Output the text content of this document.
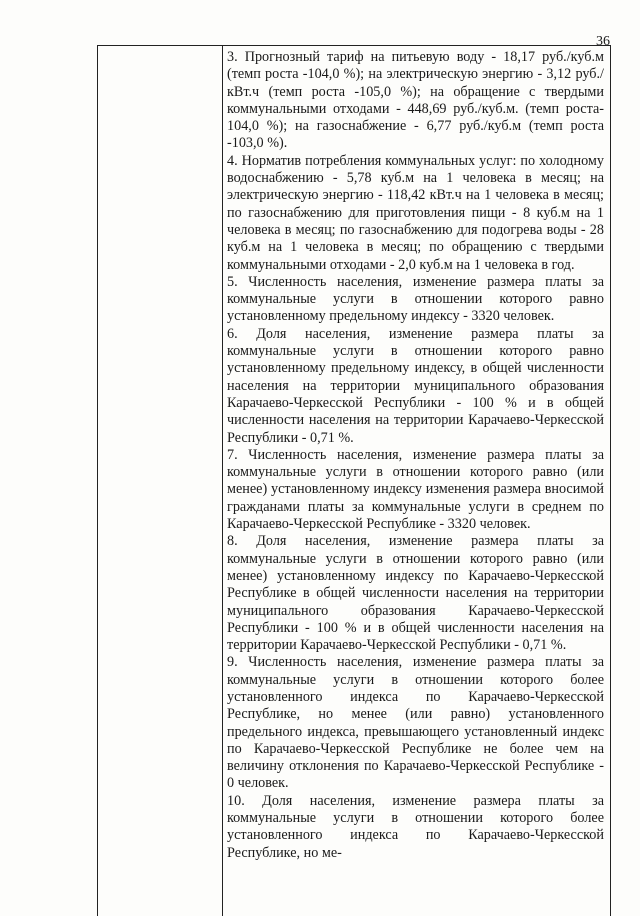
36

3. Прогнозный тариф на питьевую воду - 18,17 руб./куб.м (темп роста -104,0 %); на электрическую энергию - 3,12 руб./кВт.ч (темп роста -105,0 %); на обращение с твердыми коммунальными отходами - 448,69 руб./куб.м. (темп роста- 104,0 %); на газоснабжение - 6,77 руб./куб.м (темп роста -103,0 %).

4. Норматив потребления коммунальных услуг: по холодному водоснабжению - 5,78 куб.м на 1 человека в месяц; на электрическую энергию - 118,42 кВт.ч на 1 человека в месяц; по газоснабжению для приготовления пищи - 8 куб.м на 1 человека в месяц; по газоснабжению для подогрева воды - 28 куб.м на 1 человека в месяц; по обращению с твердыми коммунальными отходами - 2,0 куб.м на 1 человека в год.

5. Численность населения, изменение размера платы за коммунальные услуги в отношении которого равно установленному предельному индексу - 3320 человек.

6. Доля населения, изменение размера платы за коммунальные услуги в отношении которого равно установленному предельному индексу, в общей численности населения на территории муниципального образования Карачаево-Черкесской Республики - 100 % и в общей численности населения на территории Карачаево-Черкесской Республики - 0,71 %.

7. Численность населения, изменение размера платы за коммунальные услуги в отношении которого равно (или менее) установленному индексу изменения размера вносимой гражданами платы за коммунальные услуги в среднем по Карачаево-Черкесской Республике - 3320 человек.

8. Доля населения, изменение размера платы за коммунальные услуги в отношении которого равно (или менее) установленному индексу по Карачаево-Черкесской Республике в общей численности населения на территории муниципального образования Карачаево-Черкесской Республики - 100 % и в общей численности населения на территории Карачаево-Черкесской Республики - 0,71 %.

9. Численность населения, изменение размера платы за коммунальные услуги в отношении которого более установленного индекса по Карачаево-Черкесской Республике, но менее (или равно) установленного предельного индекса, превышающего установленный индекс по Карачаево-Черкесской Республике не более чем на величину отклонения по Карачаево-Черкесской Республике - 0 человек.

10. Доля населения, изменение размера платы за коммунальные услуги в отношении которого более установленного индекса по Карачаево-Черкесской Республике, но ме-
